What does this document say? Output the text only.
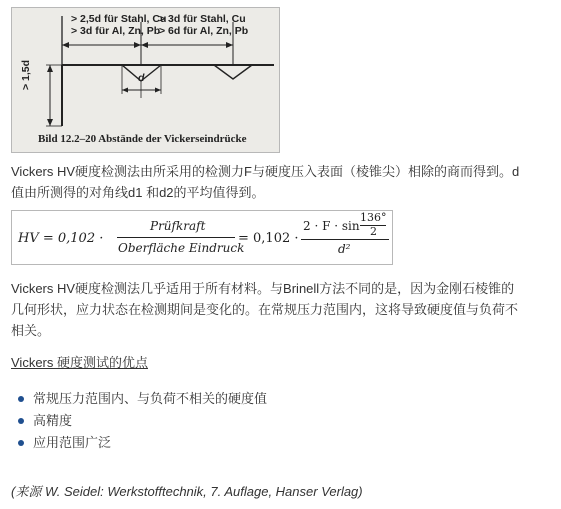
> 2,5d für Stahl, Cu
> 3d für Al, Zn, Pb
> 3d für Stahl, Cu
> 6d für Al, Zn, Pb
> 1,5d	d
Bild 12.2–20 Abstände der Vickerseindrücke
Vickers HV硬度检测法由所采用的检测力F与硬度压入表面（棱锥尖）相除的商而得到。d
值由所测得的对角线d1 和d2的平均值得到。
HV = 0,102 ·
Prüfkraft
Oberfläche Eindruck
= 0,102 ·
2 · F · sin
136°
2
d²
Vickers HV硬度检测法几乎适用于所有材料。与Brinell方法不同的是，因为金刚石棱锥的
几何形状，应力状态在检测期间是变化的。在常规压力范围内，这将导致硬度值与负荷不
相关。
Vickers 硬度测试的优点
常规压力范围内、与负荷不相关的硬度值
高精度
应用范围广泛
(来源 W. Seidel: Werkstofftechnik, 7. Auflage, Hanser Verlag)
